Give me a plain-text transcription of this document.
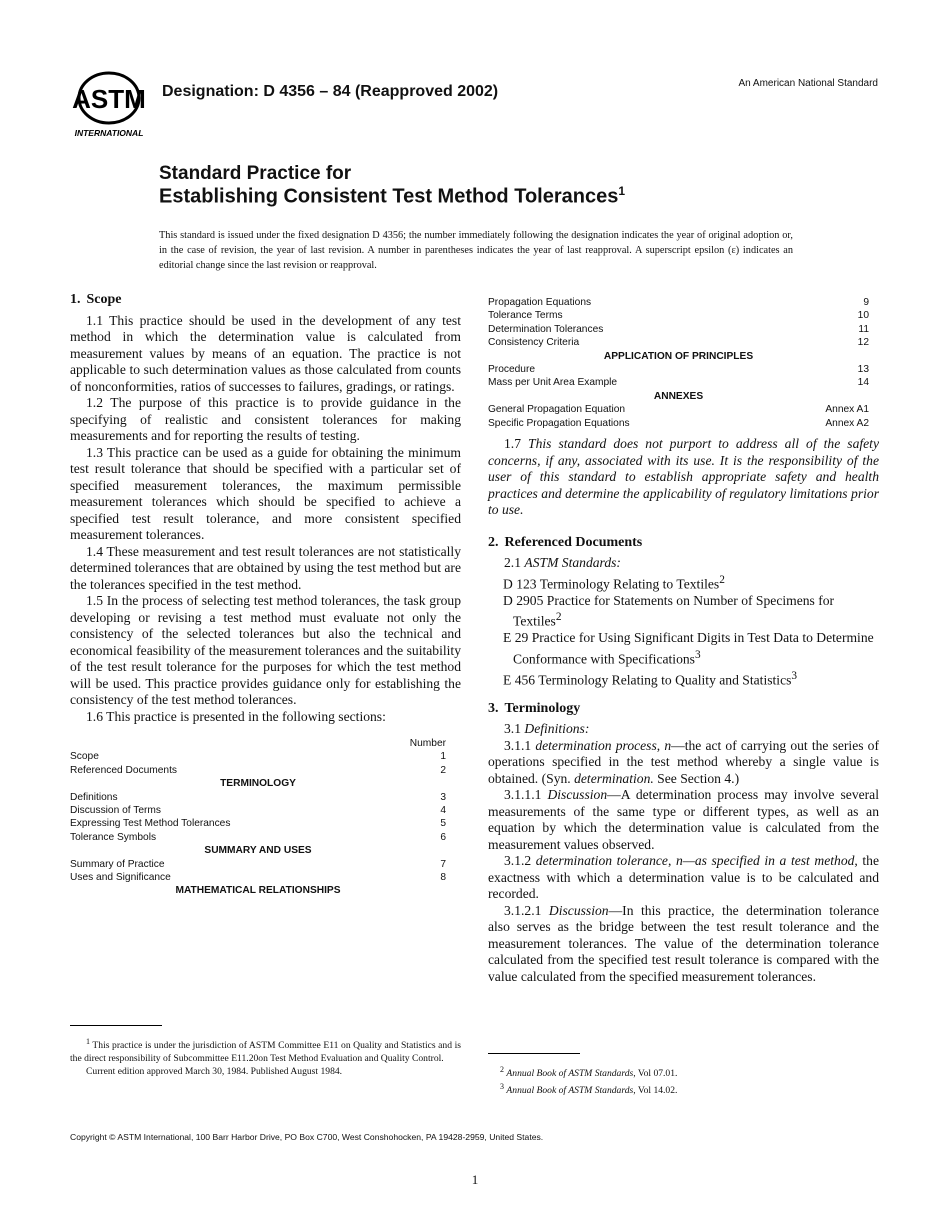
ASTM
INTERNATIONAL
Designation: D 4356 – 84 (Reapproved 2002)	An American National Standard
Standard Practice for
Establishing Consistent Test Method Tolerances$^1$
This standard is issued under the fixed designation D 4356; the number immediately following the designation indicates the year of original adoption or, in the case of revision, the year of last revision. A number in parentheses indicates the year of last reapproval. A superscript epsilon (ε) indicates an editorial change since the last revision or reapproval.
1. Scope

1.1 This practice should be used in the development of any test method in which the determination value is calculated from measurement values by means of an equation. The practice is not applicable to such determination values as those calculated from counts of nonconformities, ratios of successes to failures, gradings, or ratings.

1.2 The purpose of this practice is to provide guidance in the specifying of realistic and consistent tolerances for making measurements and for reporting the results of testing.

1.3 This practice can be used as a guide for obtaining the minimum test result tolerance that should be specified with a particular set of specified measurement tolerances, the maximum permissible measurement tolerances which should be specified to achieve a specified test result tolerance, and more consistent specified measurement tolerances.

1.4 These measurement and test result tolerances are not statistically determined tolerances that are obtained by using the test method but are the tolerances specified in the test method.

1.5 In the process of selecting test method tolerances, the task group developing or revising a test method must evaluate not only the consistency of the selected tolerances but also the technical and economical feasibility of the measurement tolerances and the suitability of the test result tolerance for the purposes for which the test method will be used. This practice provides guidance only for establishing the consistency of the test method tolerances.

1.6 This practice is presented in the following sections:

Number
Scope	1
Referenced Documents	2
TERMINOLOGY
Definitions	3
Discussion of Terms	4
Expressing Test Method Tolerances	5
Tolerance Symbols	6
SUMMARY AND USES
Summary of Practice	7
Uses and Significance	8
MATHEMATICAL RELATIONSHIPS
$^1$ This practice is under the jurisdiction of ASTM Committee E11 on Quality and Statistics and is the direct responsibility of Subcommittee E11.20on Test Method Evaluation and Quality Control.
Current edition approved March 30, 1984. Published August 1984.
Propagation Equations	9
Tolerance Terms	10
Determination Tolerances	11
Consistency Criteria	12
APPLICATION OF PRINCIPLES
Procedure	13
Mass per Unit Area Example	14
ANNEXES
General Propagation Equation	Annex A1
Specific Propagation Equations	Annex A2

1.7 This standard does not purport to address all of the safety concerns, if any, associated with its use. It is the responsibility of the user of this standard to establish appropriate safety and health practices and determine the applicability of regulatory limitations prior to use.

2. Referenced Documents

2.1 ASTM Standards:

D 123 Terminology Relating to Textiles$^2$

D 2905 Practice for Statements on Number of Specimens for Textiles$^2$

E 29 Practice for Using Significant Digits in Test Data to Determine Conformance with Specifications$^3$

E 456 Terminology Relating to Quality and Statistics$^3$

3. Terminology

3.1 Definitions:

3.1.1 determination process, n—the act of carrying out the series of operations specified in the test method whereby a single value is obtained. (Syn. determination. See Section 4.)

3.1.1.1 Discussion—A determination process may involve several measurements of the same type or different types, as well as an equation by which the determination value is calculated from the measurement values observed.

3.1.2 determination tolerance, n—as specified in a test method, the exactness with which a determination value is to be calculated and recorded.

3.1.2.1 Discussion—In this practice, the determination tolerance also serves as the bridge between the test result tolerance and the measurement tolerances. The value of the determination tolerance calculated from the specified test result tolerance is compared with the value calculated from the specified measurement tolerances.

$^2$ Annual Book of ASTM Standards, Vol 07.01.
$^3$ Annual Book of ASTM Standards, Vol 14.02.
Copyright © ASTM International, 100 Barr Harbor Drive, PO Box C700, West Conshohocken, PA 19428-2959, United States.
1
